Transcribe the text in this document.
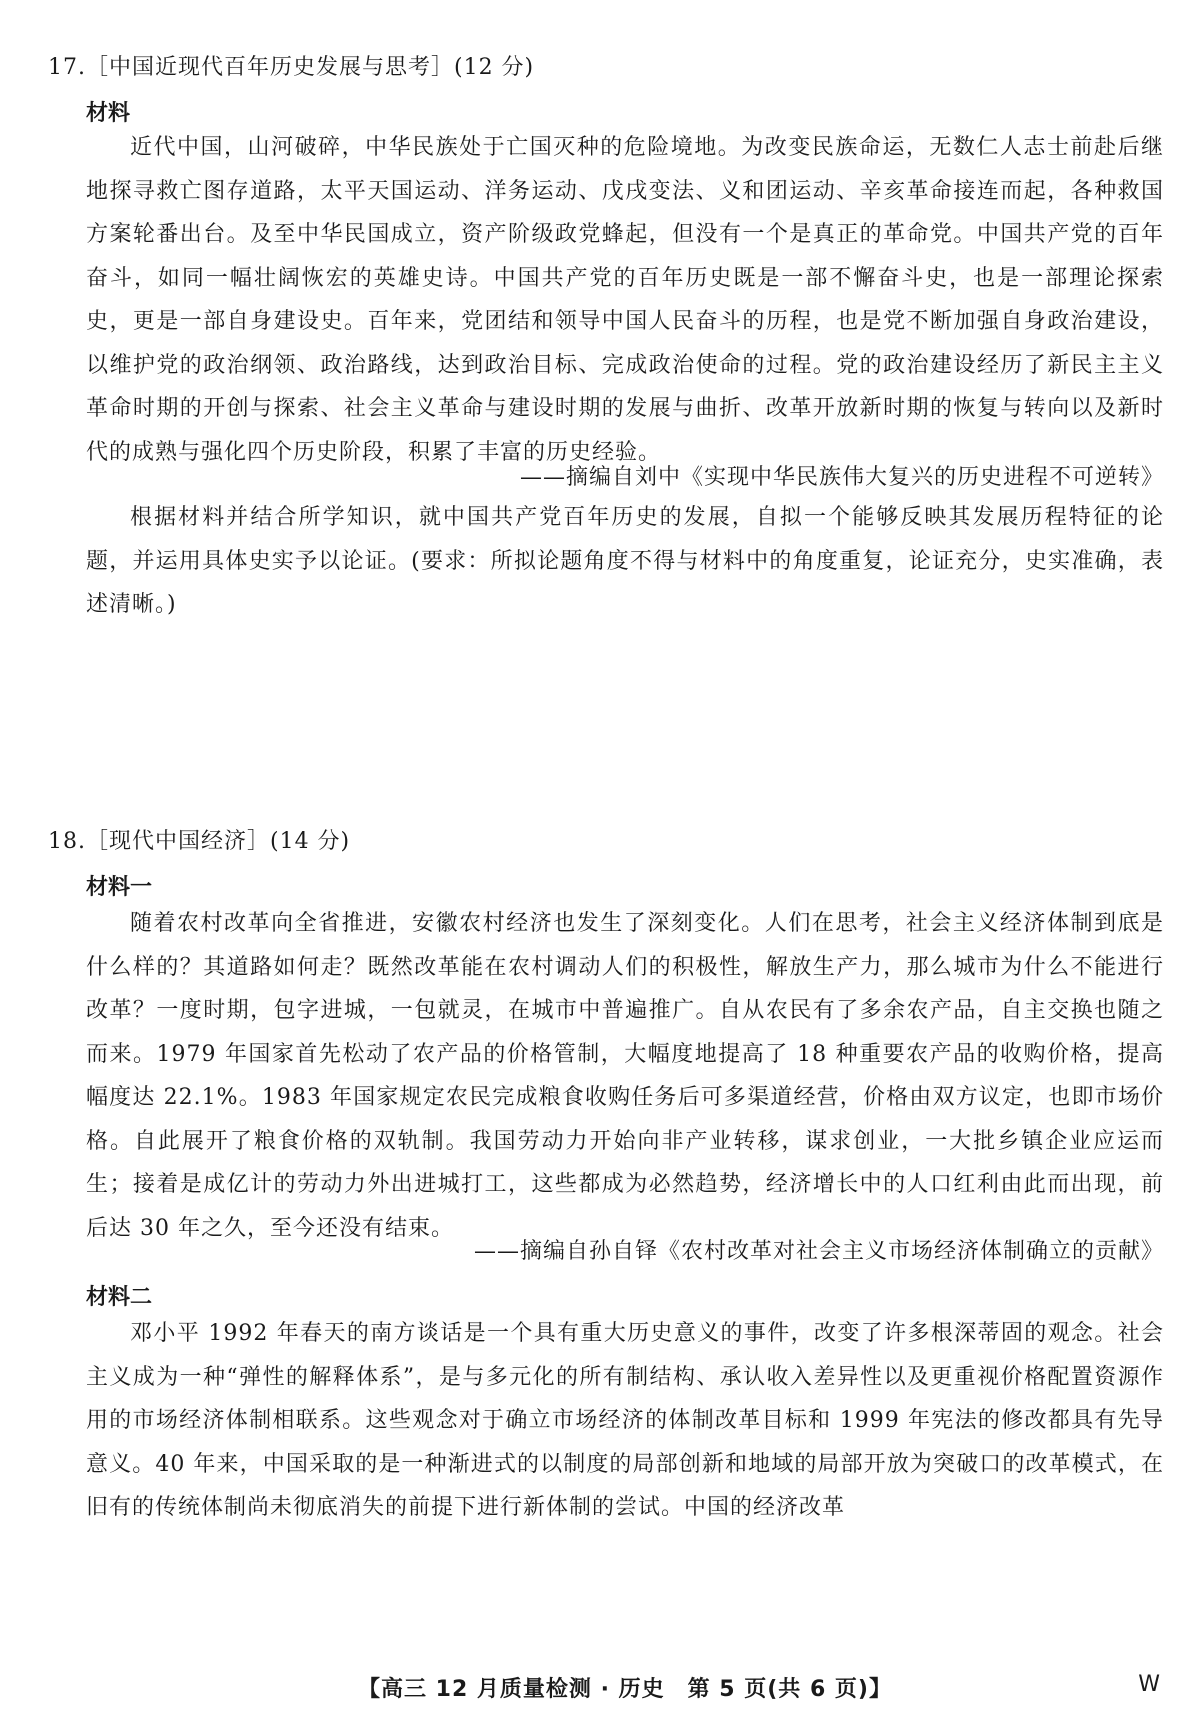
17.［中国近现代百年历史发展与思考］(12 分)
材料
近代中国，山河破碎，中华民族处于亡国灭种的危险境地。为改变民族命运，无数仁人志士前赴后继地探寻救亡图存道路，太平天国运动、洋务运动、戊戌变法、义和团运动、辛亥革命接连而起，各种救国方案轮番出台。及至中华民国成立，资产阶级政党蜂起，但没有一个是真正的革命党。中国共产党的百年奋斗，如同一幅壮阔恢宏的英雄史诗。中国共产党的百年历史既是一部不懈奋斗史，也是一部理论探索史，更是一部自身建设史。百年来，党团结和领导中国人民奋斗的历程，也是党不断加强自身政治建设，以维护党的政治纲领、政治路线，达到政治目标、完成政治使命的过程。党的政治建设经历了新民主主义革命时期的开创与探索、社会主义革命与建设时期的发展与曲折、改革开放新时期的恢复与转向以及新时代的成熟与强化四个历史阶段，积累了丰富的历史经验。
——摘编自刘中《实现中华民族伟大复兴的历史进程不可逆转》
根据材料并结合所学知识，就中国共产党百年历史的发展，自拟一个能够反映其发展历程特征的论题，并运用具体史实予以论证。(要求：所拟论题角度不得与材料中的角度重复，论证充分，史实准确，表述清晰。)
18.［现代中国经济］(14 分)
材料一
随着农村改革向全省推进，安徽农村经济也发生了深刻变化。人们在思考，社会主义经济体制到底是什么样的？其道路如何走？既然改革能在农村调动人们的积极性，解放生产力，那么城市为什么不能进行改革？一度时期，包字进城，一包就灵，在城市中普遍推广。自从农民有了多余农产品，自主交换也随之而来。1979 年国家首先松动了农产品的价格管制，大幅度地提高了 18 种重要农产品的收购价格，提高幅度达 22.1%。1983 年国家规定农民完成粮食收购任务后可多渠道经营，价格由双方议定，也即市场价格。自此展开了粮食价格的双轨制。我国劳动力开始向非产业转移，谋求创业，一大批乡镇企业应运而生；接着是成亿计的劳动力外出进城打工，这些都成为必然趋势，经济增长中的人口红利由此而出现，前后达 30 年之久，至今还没有结束。
——摘编自孙自铎《农村改革对社会主义市场经济体制确立的贡献》
材料二
邓小平 1992 年春天的南方谈话是一个具有重大历史意义的事件，改变了许多根深蒂固的观念。社会主义成为一种“弹性的解释体系”，是与多元化的所有制结构、承认收入差异性以及更重视价格配置资源作用的市场经济体制相联系。这些观念对于确立市场经济的体制改革目标和 1999 年宪法的修改都具有先导意义。40 年来，中国采取的是一种渐进式的以制度的局部创新和地域的局部开放为突破口的改革模式，在旧有的传统体制尚未彻底消失的前提下进行新体制的尝试。中国的经济改革
【高三 12 月质量检测 · 历史　第 5 页(共 6 页)】	W
